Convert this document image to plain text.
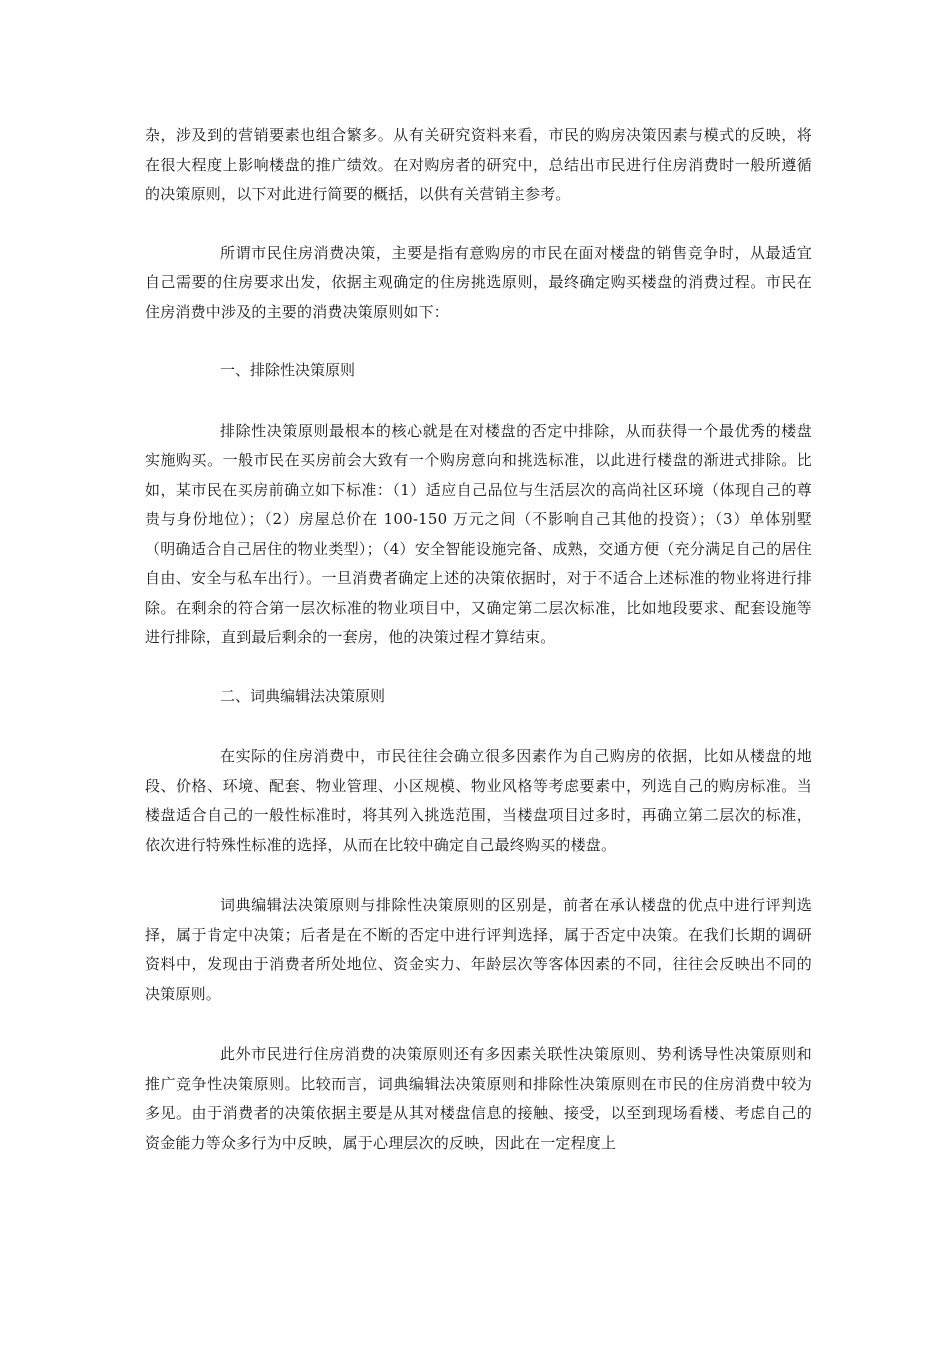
杂，涉及到的营销要素也组合繁多。从有关研究资料来看，市民的购房决策因素与模式的反映，将在很大程度上影响楼盘的推广绩效。在对购房者的研究中，总结出市民进行住房消费时一般所遵循的决策原则，以下对此进行简要的概括，以供有关营销主参考。

所谓市民住房消费决策，主要是指有意购房的市民在面对楼盘的销售竞争时，从最适宜自己需要的住房要求出发，依据主观确定的住房挑选原则，最终确定购买楼盘的消费过程。市民在住房消费中涉及的主要的消费决策原则如下：

一、排除性决策原则

排除性决策原则最根本的核心就是在对楼盘的否定中排除，从而获得一个最优秀的楼盘实施购买。一般市民在买房前会大致有一个购房意向和挑选标准，以此进行楼盘的渐进式排除。比如，某市民在买房前确立如下标准：（1）适应自己品位与生活层次的高尚社区环境（体现自己的尊贵与身份地位）；（2）房屋总价在 100-150 万元之间（不影响自己其他的投资）；（3）单体别墅（明确适合自己居住的物业类型）；（4）安全智能设施完备、成熟，交通方便（充分满足自己的居住自由、安全与私车出行）。一旦消费者确定上述的决策依据时，对于不适合上述标准的物业将进行排除。在剩余的符合第一层次标准的物业项目中，又确定第二层次标准，比如地段要求、配套设施等进行排除，直到最后剩余的一套房，他的决策过程才算结束。

二、词典编辑法决策原则

在实际的住房消费中，市民往往会确立很多因素作为自己购房的依据，比如从楼盘的地段、价格、环境、配套、物业管理、小区规模、物业风格等考虑要素中，列选自己的购房标准。当楼盘适合自己的一般性标准时，将其列入挑选范围，当楼盘项目过多时，再确立第二层次的标准，依次进行特殊性标准的选择，从而在比较中确定自己最终购买的楼盘。

词典编辑法决策原则与排除性决策原则的区别是，前者在承认楼盘的优点中进行评判选择，属于肯定中决策；后者是在不断的否定中进行评判选择，属于否定中决策。在我们长期的调研资料中，发现由于消费者所处地位、资金实力、年龄层次等客体因素的不同，往往会反映出不同的决策原则。

此外市民进行住房消费的决策原则还有多因素关联性决策原则、势利诱导性决策原则和推广竞争性决策原则。比较而言，词典编辑法决策原则和排除性决策原则在市民的住房消费中较为多见。由于消费者的决策依据主要是从其对楼盘信息的接触、接受，以至到现场看楼、考虑自己的资金能力等众多行为中反映，属于心理层次的反映，因此在一定程度上
